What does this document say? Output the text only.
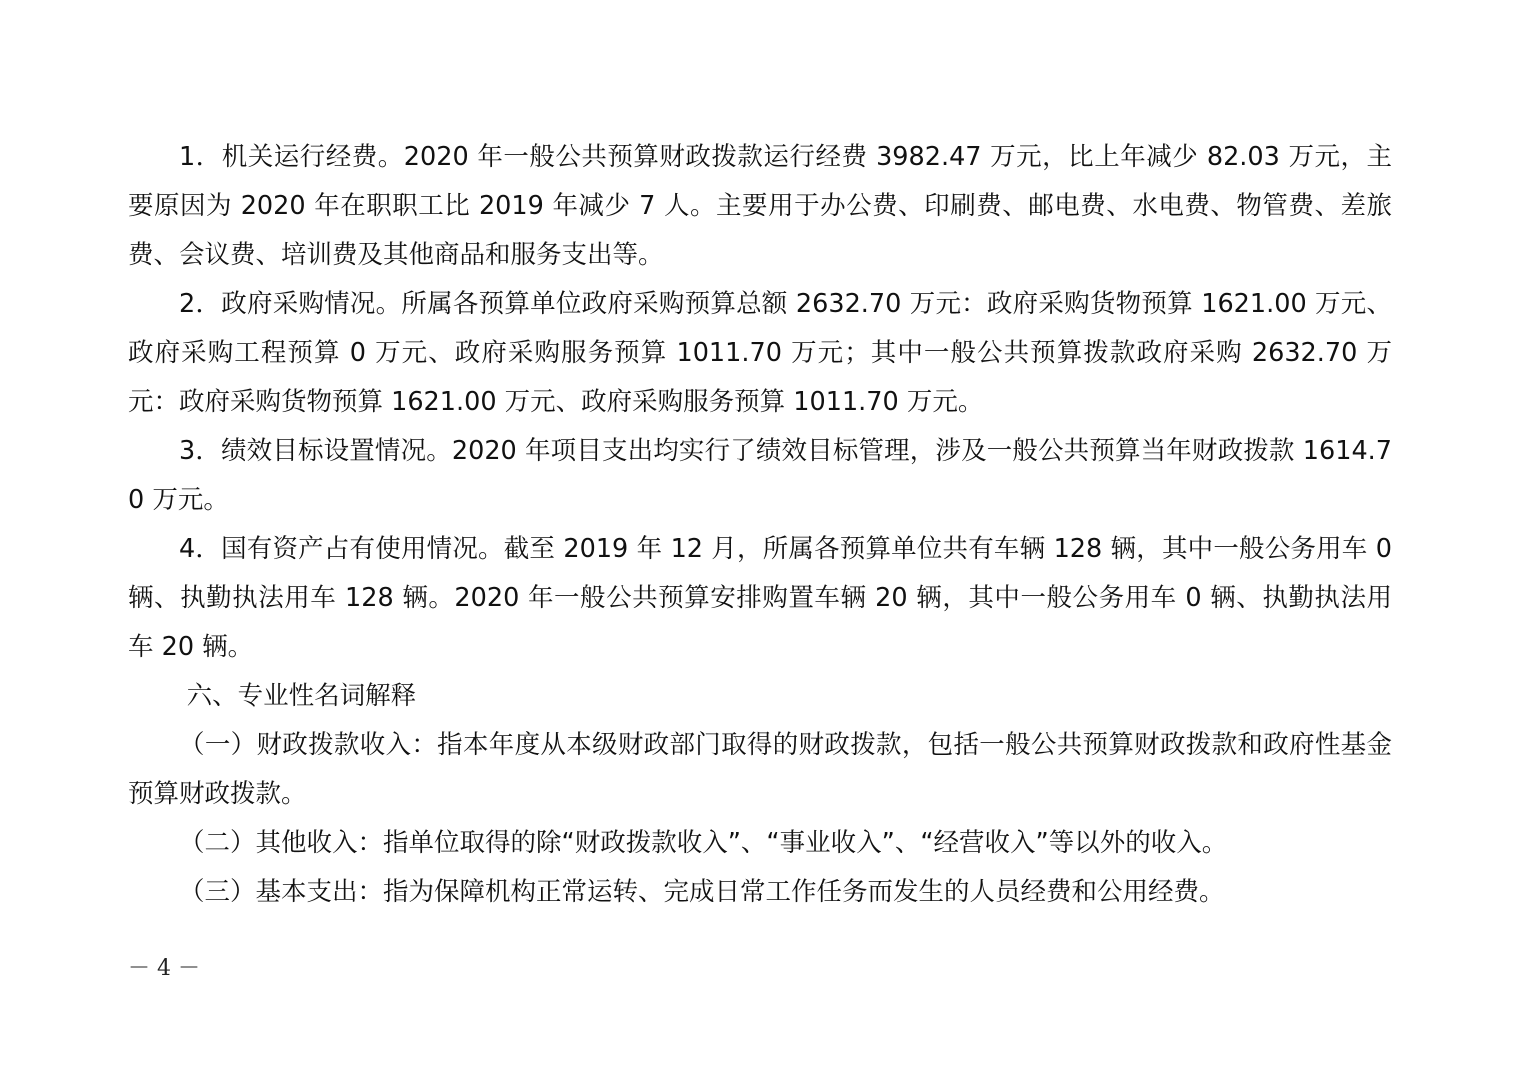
1．机关运行经费。2020 年一般公共预算财政拨款运行经费 3982.47 万元，比上年减少 82.03 万元，主要原因为 2020 年在职职工比 2019 年减少 7 人。主要用于办公费、印刷费、邮电费、水电费、物管费、差旅费、会议费、培训费及其他商品和服务支出等。

2．政府采购情况。所属各预算单位政府采购预算总额 2632.70 万元：政府采购货物预算 1621.00 万元、政府采购工程预算 0 万元、政府采购服务预算 1011.70 万元；其中一般公共预算拨款政府采购 2632.70 万元：政府采购货物预算 1621.00 万元、政府采购服务预算 1011.70 万元。

3．绩效目标设置情况。2020 年项目支出均实行了绩效目标管理，涉及一般公共预算当年财政拨款 1614.70 万元。

4．国有资产占有使用情况。截至 2019 年 12 月，所属各预算单位共有车辆 128 辆，其中一般公务用车 0 辆、执勤执法用车 128 辆。2020 年一般公共预算安排购置车辆 20 辆，其中一般公务用车 0 辆、执勤执法用车 20 辆。

六、专业性名词解释

（一）财政拨款收入：指本年度从本级财政部门取得的财政拨款，包括一般公共预算财政拨款和政府性基金预算财政拨款。

（二）其他收入：指单位取得的除“财政拨款收入”、“事业收入”、“经营收入”等以外的收入。

（三）基本支出：指为保障机构正常运转、完成日常工作任务而发生的人员经费和公用经费。

－ 4 －
